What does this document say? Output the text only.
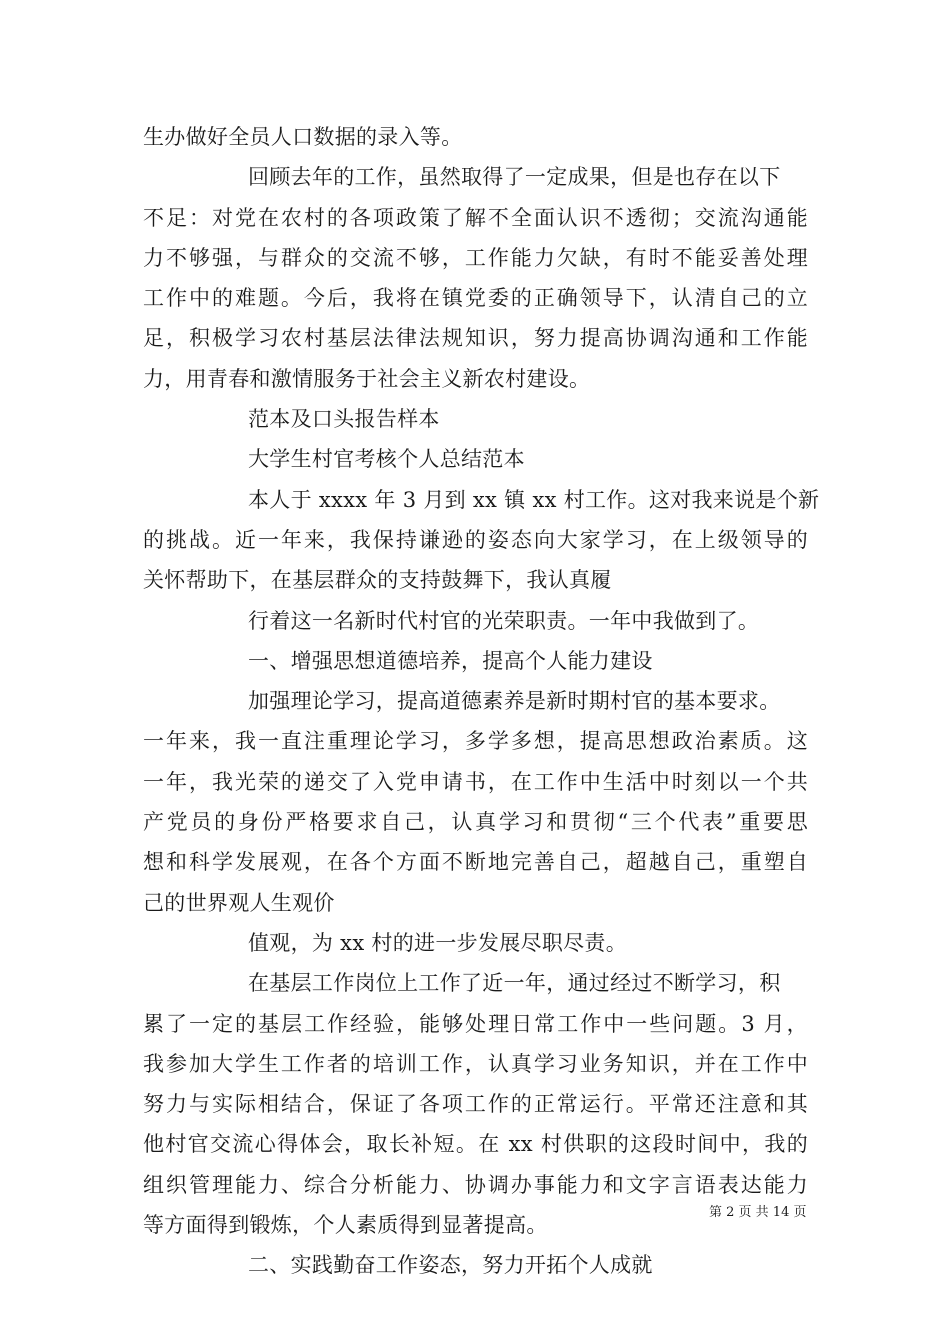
生办做好全员人口数据的录入等。
回顾去年的工作，虽然取得了一定成果，但是也存在以下
不足：对党在农村的各项政策了解不全面认识不透彻；交流沟通能
力不够强，与群众的交流不够，工作能力欠缺，有时不能妥善处理
工作中的难题。今后，我将在镇党委的正确领导下，认清自己的立
足，积极学习农村基层法律法规知识，努力提高协调沟通和工作能
力，用青春和激情服务于社会主义新农村建设。
范本及口头报告样本
大学生村官考核个人总结范本
本人于 xxxx 年 3 月到 xx 镇 xx 村工作。这对我来说是个新
的挑战。近一年来，我保持谦逊的姿态向大家学习，在上级领导的
关怀帮助下，在基层群众的支持鼓舞下，我认真履
行着这一名新时代村官的光荣职责。一年中我做到了。
一、增强思想道德培养，提高个人能力建设
加强理论学习，提高道德素养是新时期村官的基本要求。
一年来，我一直注重理论学习，多学多想，提高思想政治素质。这
一年，我光荣的递交了入党申请书，在工作中生活中时刻以一个共
产党员的身份严格要求自己，认真学习和贯彻“三个代表”重要思
想和科学发展观，在各个方面不断地完善自己，超越自己，重塑自
己的世界观人生观价
值观，为 xx 村的进一步发展尽职尽责。
在基层工作岗位上工作了近一年，通过经过不断学习，积
累了一定的基层工作经验，能够处理日常工作中一些问题。3 月，
我参加大学生工作者的培训工作，认真学习业务知识，并在工作中
努力与实际相结合，保证了各项工作的正常运行。平常还注意和其
他村官交流心得体会，取长补短。在 xx 村供职的这段时间中，我的
组织管理能力、综合分析能力、协调办事能力和文字言语表达能力
等方面得到锻炼，个人素质得到显著提高。
二、实践勤奋工作姿态，努力开拓个人成就
第 2 页 共 14 页
